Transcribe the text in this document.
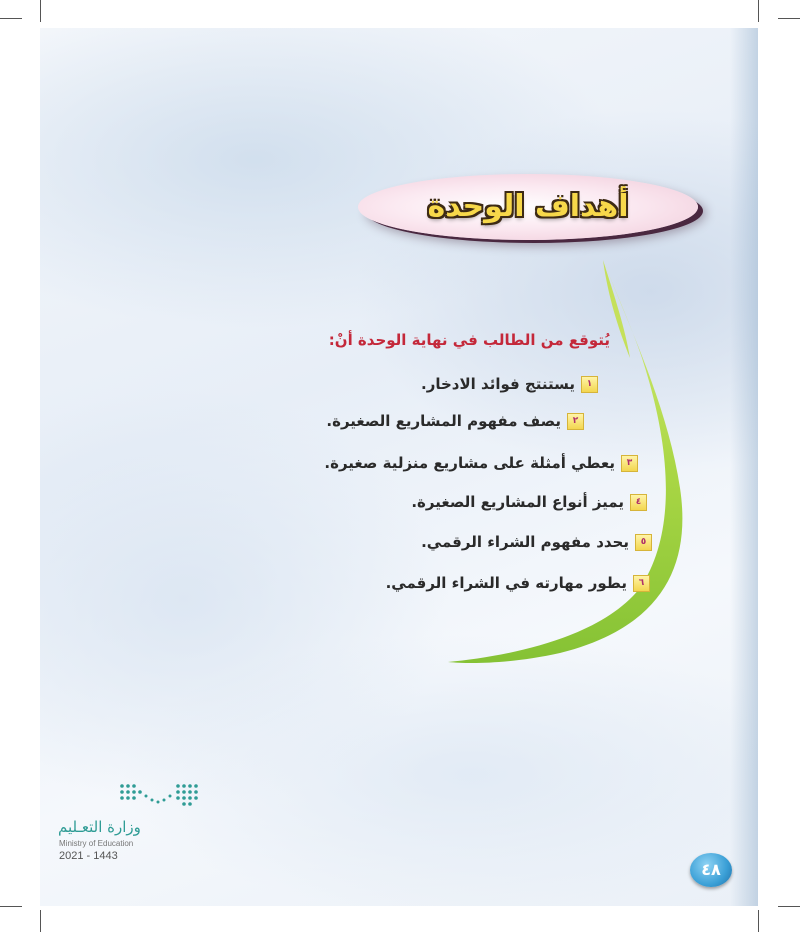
أهداف الوحدة
يُتوقع من الطالب في نهاية الوحدة أنْ:
١
يستنتج فوائد الادخار.
٢
يصف مفهوم المشاريع الصغيرة.
٣
يعطي أمثلة على مشاريع منزلية صغيرة.
٤
يميز أنواع المشاريع الصغيرة.
٥
يحدد مفهوم الشراء الرقمي.
٦
يطور مهارته في الشراء الرقمي.
وزارة التعـليم
Ministry of Education
2021 - 1443
٤٨
